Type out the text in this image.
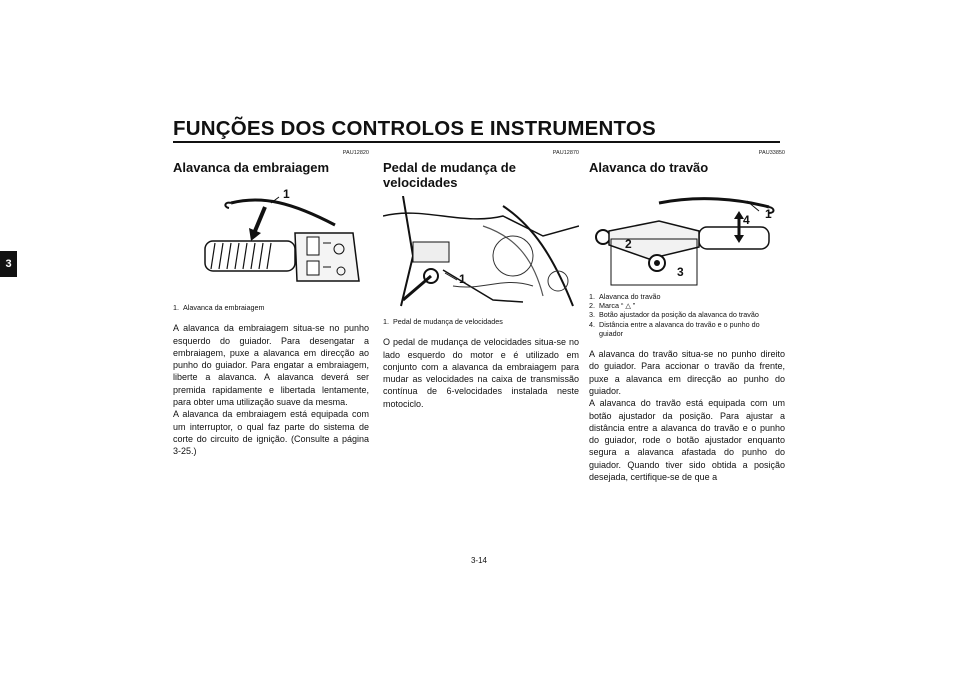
FUNÇÕES DOS CONTROLOS E INSTRUMENTOS
3
PAU12820
Alavanca da embraiagem
1
1. Alavanca da embraiagem

A alavanca da embraiagem situa-se no punho esquerdo do guiador. Para desengatar a embraiagem, puxe a alavanca em direcção ao punho do guiador. Para engatar a embraiagem, liberte a alavanca. A alavanca deverá ser premida rapidamente e libertada lentamente, para obter uma utilização suave da mesma.

A alavanca da embraiagem está equipada com um interruptor, o qual faz parte do sistema de corte do circuito de ignição. (Consulte a página 3-25.)

PAU12870
Pedal de mudança de velocidades
1
1. Pedal de mudança de velocidades

O pedal de mudança de velocidades situa-se no lado esquerdo do motor e é utilizado em conjunto com a alavanca da embraiagem para mudar as velocidades na caixa de transmissão contínua de 6-velocidades instalada neste motociclo.

PAU33850
Alavanca do travão
1
2
3
4
1. Alavanca do travão
2. Marca “ △ ”
3. Botão ajustador da posição da alavanca do travão
4. Distância entre a alavanca do travão e o punho do guiador

A alavanca do travão situa-se no punho direito do guiador. Para accionar o travão da frente, puxe a alavanca em direcção ao punho do guiador.

A alavanca do travão está equipada com um botão ajustador da posição. Para ajustar a distância entre a alavanca do travão e o punho do guiador, rode o botão ajustador enquanto segura a alavanca afastada do punho do guiador. Quando tiver sido obtida a posição desejada, certifique-se de que a

3-14
